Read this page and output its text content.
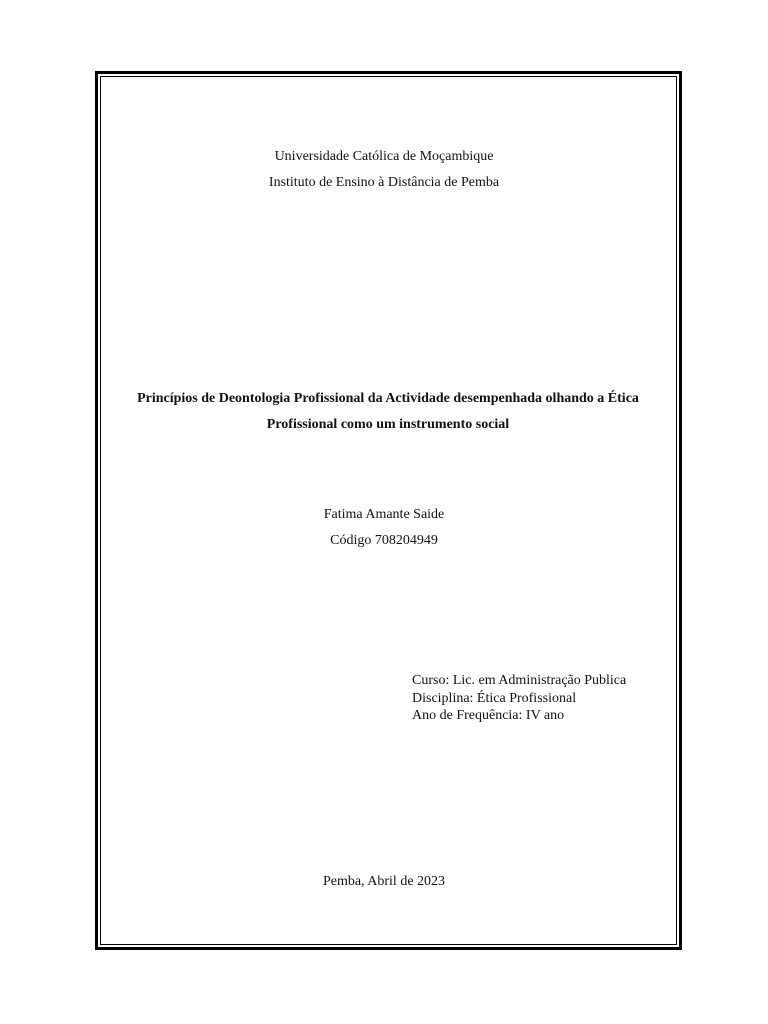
Universidade Católica de Moçambique
Instituto de Ensino à Distância de Pemba
Princípios de Deontologia Profissional da Actividade desempenhada olhando a Ética
Profissional como um instrumento social
Fatima Amante Saide
Código 708204949
Curso: Lic. em Administração Publica
Disciplina: Ética Profissional
Ano de Frequência: IV ano
Pemba, Abril de 2023
